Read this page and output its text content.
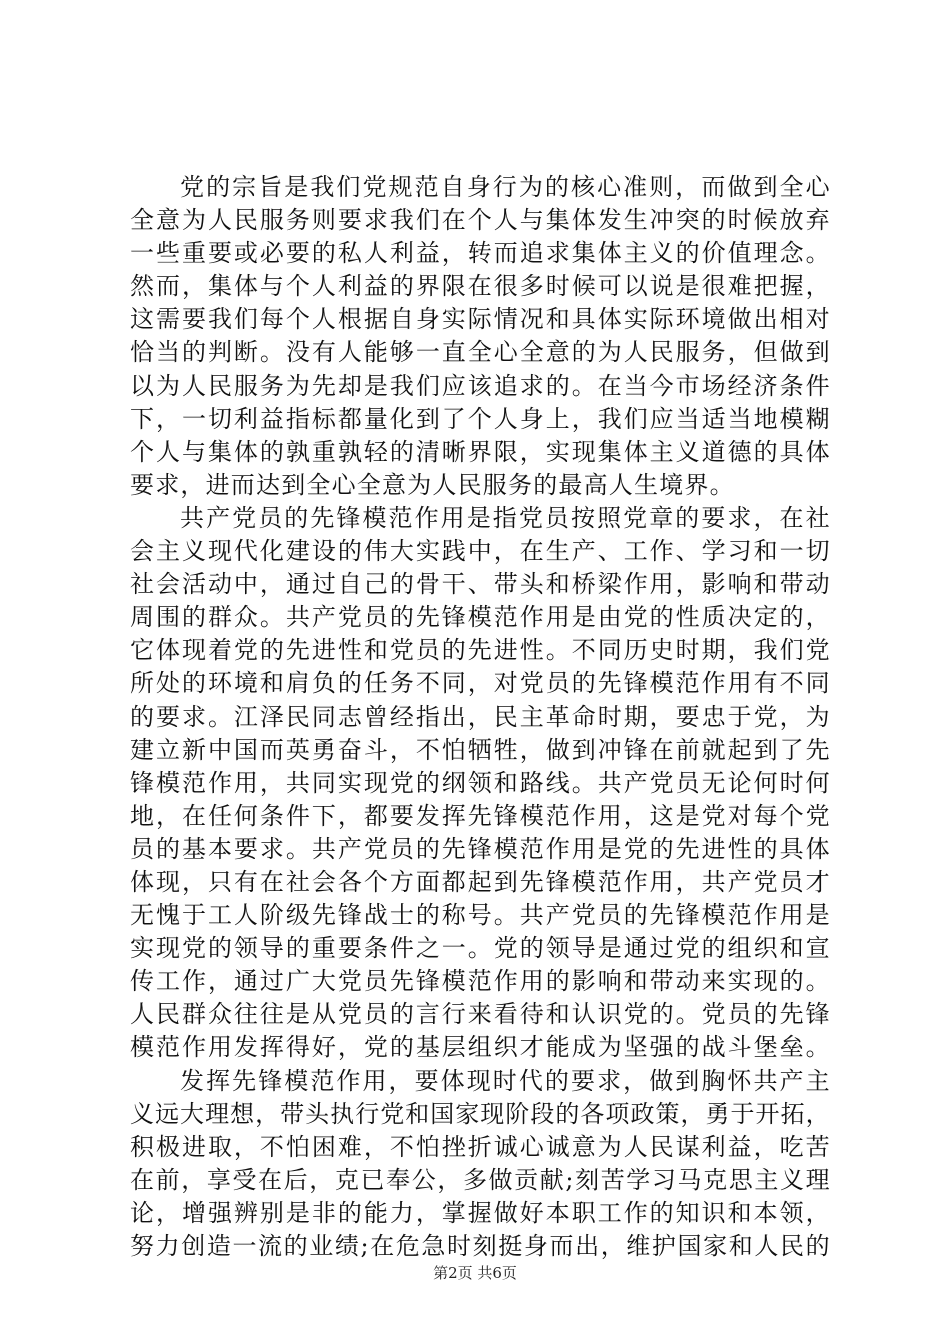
党的宗旨是我们党规范自身行为的核心准则，而做到全心
全意为人民服务则要求我们在个人与集体发生冲突的时候放弃
一些重要或必要的私人利益，转而追求集体主义的价值理念。
然而，集体与个人利益的界限在很多时候可以说是很难把握，
这需要我们每个人根据自身实际情况和具体实际环境做出相对
恰当的判断。没有人能够一直全心全意的为人民服务，但做到
以为人民服务为先却是我们应该追求的。在当今市场经济条件
下，一切利益指标都量化到了个人身上，我们应当适当地模糊
个人与集体的孰重孰轻的清晰界限，实现集体主义道德的具体
要求，进而达到全心全意为人民服务的最高人生境界。
共产党员的先锋模范作用是指党员按照党章的要求，在社
会主义现代化建设的伟大实践中，在生产、工作、学习和一切
社会活动中，通过自己的骨干、带头和桥梁作用，影响和带动
周围的群众。共产党员的先锋模范作用是由党的性质决定的，
它体现着党的先进性和党员的先进性。不同历史时期，我们党
所处的环境和肩负的任务不同，对党员的先锋模范作用有不同
的要求。江泽民同志曾经指出，民主革命时期，要忠于党，为
建立新中国而英勇奋斗，不怕牺牲，做到冲锋在前就起到了先
锋模范作用，共同实现党的纲领和路线。共产党员无论何时何
地，在任何条件下，都要发挥先锋模范作用，这是党对每个党
员的基本要求。共产党员的先锋模范作用是党的先进性的具体
体现，只有在社会各个方面都起到先锋模范作用，共产党员才
无愧于工人阶级先锋战士的称号。共产党员的先锋模范作用是
实现党的领导的重要条件之一。党的领导是通过党的组织和宣
传工作，通过广大党员先锋模范作用的影响和带动来实现的。
人民群众往往是从党员的言行来看待和认识党的。党员的先锋
模范作用发挥得好，党的基层组织才能成为坚强的战斗堡垒。
发挥先锋模范作用，要体现时代的要求，做到胸怀共产主
义远大理想，带头执行党和国家现阶段的各项政策，勇于开拓，
积极进取，不怕困难，不怕挫折诚心诚意为人民谋利益，吃苦
在前，享受在后，克已奉公，多做贡献;刻苦学习马克思主义理
论，增强辨别是非的能力，掌握做好本职工作的知识和本领，
努力创造一流的业绩;在危急时刻挺身而出，维护国家和人民的
第2页 共6页
